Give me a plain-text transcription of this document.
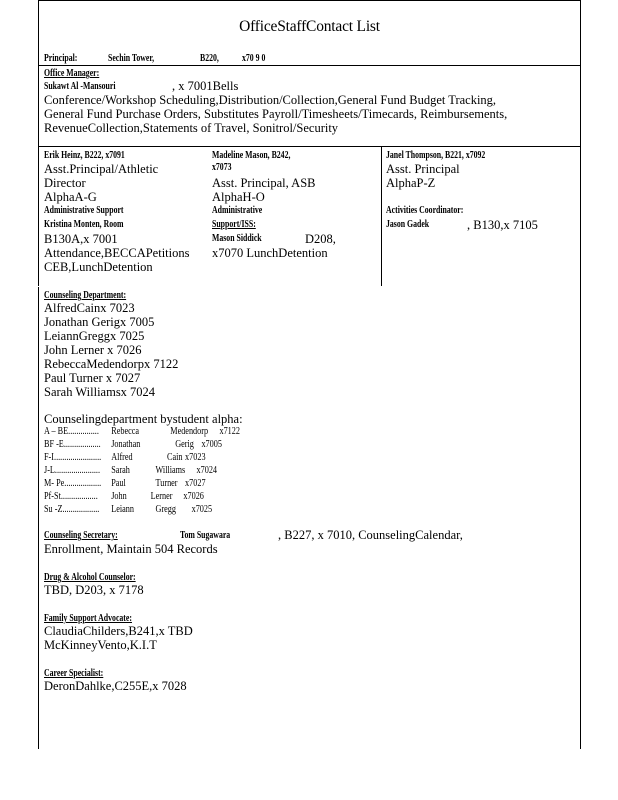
OfficeStaffContact List
Principal:	Sechin Tower,	B220, x70 9 0
Office Manager:
Sukawt Al -Mansouri	, x 7001Bells
Conference/Workshop Scheduling,Distribution/Collection,General Fund Budget Tracking,
General Fund Purchase Orders, Substitutes Payroll/Timesheets/Timecards, Reimbursements,
RevenueCollection,Statements of Travel, Sonitrol/Security
Erik Heinz, B222, x7091
Asst.Principal/Athletic
Director
AlphaA-G
Administrative Support
Kristina Monten, Room
B130A,x 7001
Attendance,BECCAPetitions
CEB,LunchDetention
Madeline Mason, B242,
x7073
Asst. Principal, ASB
AlphaH-O
Administrative
Support/ISS:
Mason Siddick	D208,
x7070 LunchDetention
Janel Thompson, B221, x7092
Asst. Principal
AlphaP-Z
Activities Coordinator:
Jason Gadek	, B130,x 7105
Counseling Department:
AlfredCainx 7023
Jonathan Gerigx 7005
LeiannGreggx 7025
John Lerner x 7026
RebeccaMedendorpx 7122
Paul Turner x 7027
Sarah Williamsx 7024
Counselingdepartment bystudent alpha:
A – BE............... Rebecca	Medendorp x7122
BF -E.................. Jonathan	Gerig x7005
F-I....................... Alfred	Cain x7023
J-L...................... Sarah	Williams x7024
M- Pe.................. Paul	Turner x7027
Pf-St.................. John Lerner x7026
Su -Z.................. Leiann Gregg x7025
Counseling Secretary:	Tom Sugawara	, B227, x 7010, CounselingCalendar,
Enrollment, Maintain 504 Records
Drug & Alcohol Counselor:
TBD, D203, x 7178
Family Support Advocate:
ClaudiaChilders,B241,x TBD
McKinneyVento,K.I.T
Career Specialist:
DeronDahlke,C255E,x 7028
